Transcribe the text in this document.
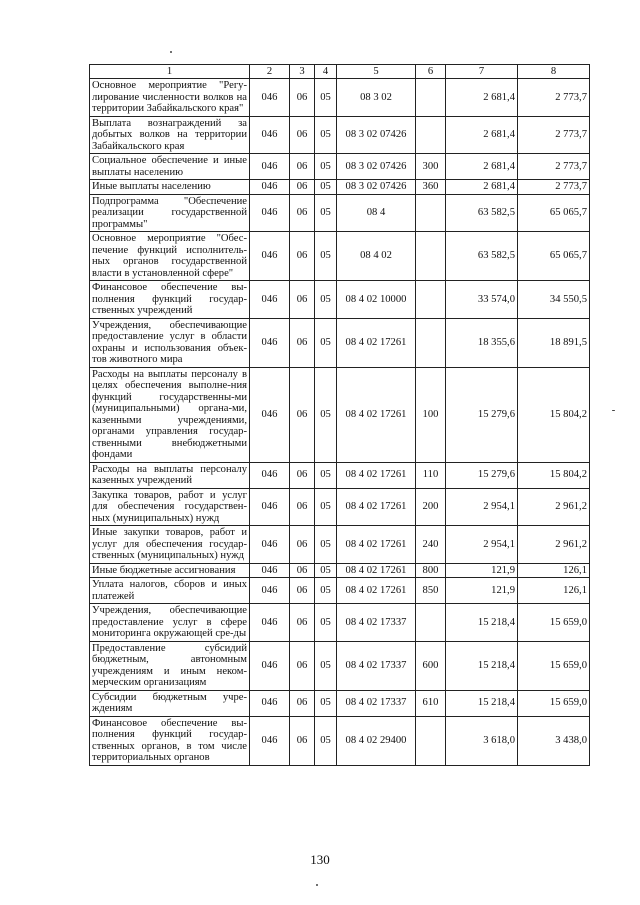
1	2	3	4	5	6	7	8
Основное мероприятие "Регу-лирование численности волков на территории Забайкальского края"	046	06	05	08 3 02		2 681,4	2 773,7
Выплата вознаграждений за добытых волков на территории Забайкальского края	046	06	05	08 3 02 07426		2 681,4	2 773,7
Социальное обеспечение и иные выплаты населению	046	06	05	08 3 02 07426	300	2 681,4	2 773,7
Иные выплаты населению	046	06	05	08 3 02 07426	360	2 681,4	2 773,7
Подпрограмма "Обеспечение реализации государственной программы"	046	06	05	08 4		63 582,5	65 065,7
Основное мероприятие "Обес-печение функций исполнитель-ных органов государственной власти в установленной сфере"	046	06	05	08 4 02		63 582,5	65 065,7
Финансовое обеспечение вы-полнения функций государ-ственных учреждений	046	06	05	08 4 02 10000		33 574,0	34 550,5
Учреждения, обеспечивающие предоставление услуг в области охраны и использования объек-тов животного мира	046	06	05	08 4 02 17261		18 355,6	18 891,5
Расходы на выплаты персоналу в целях обеспечения выполне-ния функций государственны-ми (муниципальными) органа-ми, казенными учреждениями, органами управления государ-ственными внебюджетными фондами	046	06	05	08 4 02 17261	100	15 279,6	15 804,2
Расходы на выплаты персоналу казенных учреждений	046	06	05	08 4 02 17261	110	15 279,6	15 804,2
Закупка товаров, работ и услуг для обеспечения государствен-ных (муниципальных) нужд	046	06	05	08 4 02 17261	200	2 954,1	2 961,2
Иные закупки товаров, работ и услуг для обеспечения государ-ственных (муниципальных) нужд	046	06	05	08 4 02 17261	240	2 954,1	2 961,2
Иные бюджетные ассигнования	046	06	05	08 4 02 17261	800	121,9	126,1
Уплата налогов, сборов и иных платежей	046	06	05	08 4 02 17261	850	121,9	126,1
Учреждения, обеспечивающие предоставление услуг в сфере мониторинга окружающей сре-ды	046	06	05	08 4 02 17337		15 218,4	15 659,0
Предоставление субсидий бюджетным, автономным учреждениям и иным неком-мерческим организациям	046	06	05	08 4 02 17337	600	15 218,4	15 659,0
Субсидии бюджетным учре-ждениям	046	06	05	08 4 02 17337	610	15 218,4	15 659,0
Финансовое обеспечение вы-полнения функций государ-ственных органов, в том числе территориальных органов	046	06	05	08 4 02 29400		3 618,0	3 438,0
130
